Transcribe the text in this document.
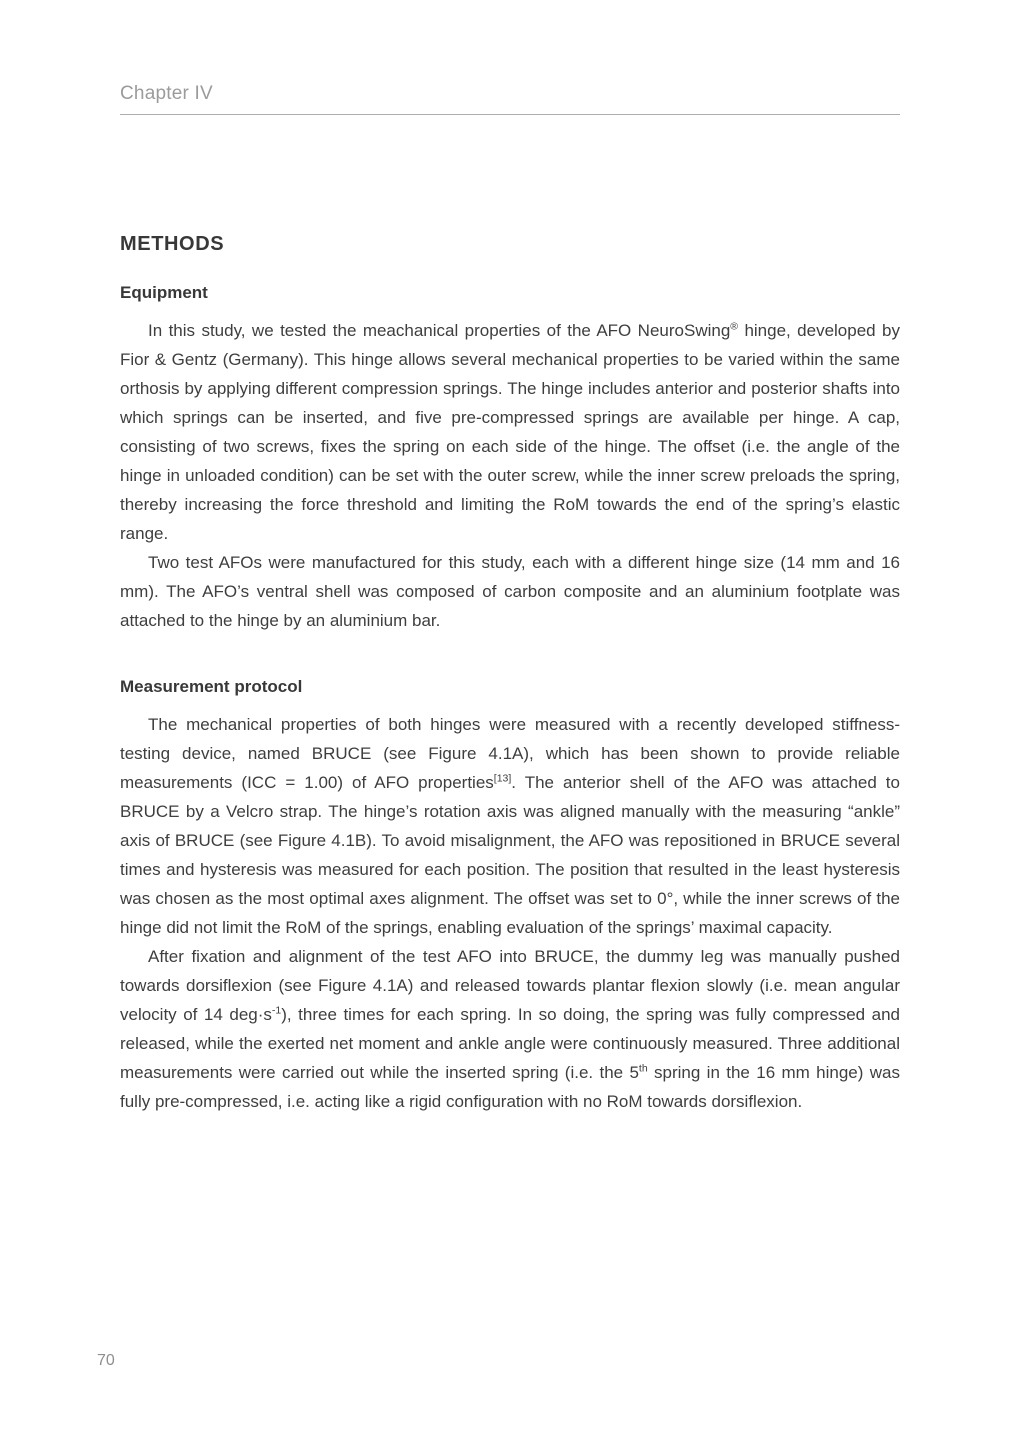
Chapter IV
METHODS
Equipment

In this study, we tested the meachanical properties of the AFO NeuroSwing® hinge, developed by Fior & Gentz (Germany). This hinge allows several mechanical properties to be varied within the same orthosis by applying different compression springs. The hinge includes anterior and posterior shafts into which springs can be inserted, and five pre-compressed springs are available per hinge. A cap, consisting of two screws, fixes the spring on each side of the hinge. The offset (i.e. the angle of the hinge in unloaded condition) can be set with the outer screw, while the inner screw preloads the spring, thereby increasing the force threshold and limiting the RoM towards the end of the spring’s elastic range.

Two test AFOs were manufactured for this study, each with a different hinge size (14 mm and 16 mm). The AFO’s ventral shell was composed of carbon composite and an aluminium footplate was attached to the hinge by an aluminium bar.

Measurement protocol

The mechanical properties of both hinges were measured with a recently developed stiffness-testing device, named BRUCE (see Figure 4.1A), which has been shown to provide reliable measurements (ICC = 1.00) of AFO properties[13]. The anterior shell of the AFO was attached to BRUCE by a Velcro strap. The hinge’s rotation axis was aligned manually with the measuring “ankle” axis of BRUCE (see Figure 4.1B). To avoid misalignment, the AFO was repositioned in BRUCE several times and hysteresis was measured for each position. The position that resulted in the least hysteresis was chosen as the most optimal axes alignment. The offset was set to 0°, while the inner screws of the hinge did not limit the RoM of the springs, enabling evaluation of the springs’ maximal capacity.

After fixation and alignment of the test AFO into BRUCE, the dummy leg was manually pushed towards dorsiflexion (see Figure 4.1A) and released towards plantar flexion slowly (i.e. mean angular velocity of 14 $deg\cdot s^{-1}$), three times for each spring. In so doing, the spring was fully compressed and released, while the exerted net moment and ankle angle were continuously measured. Three additional measurements were carried out while the inserted spring (i.e. the 5th spring in the 16 mm hinge) was fully pre-compressed, i.e. acting like a rigid configuration with no RoM towards dorsiflexion.

70
